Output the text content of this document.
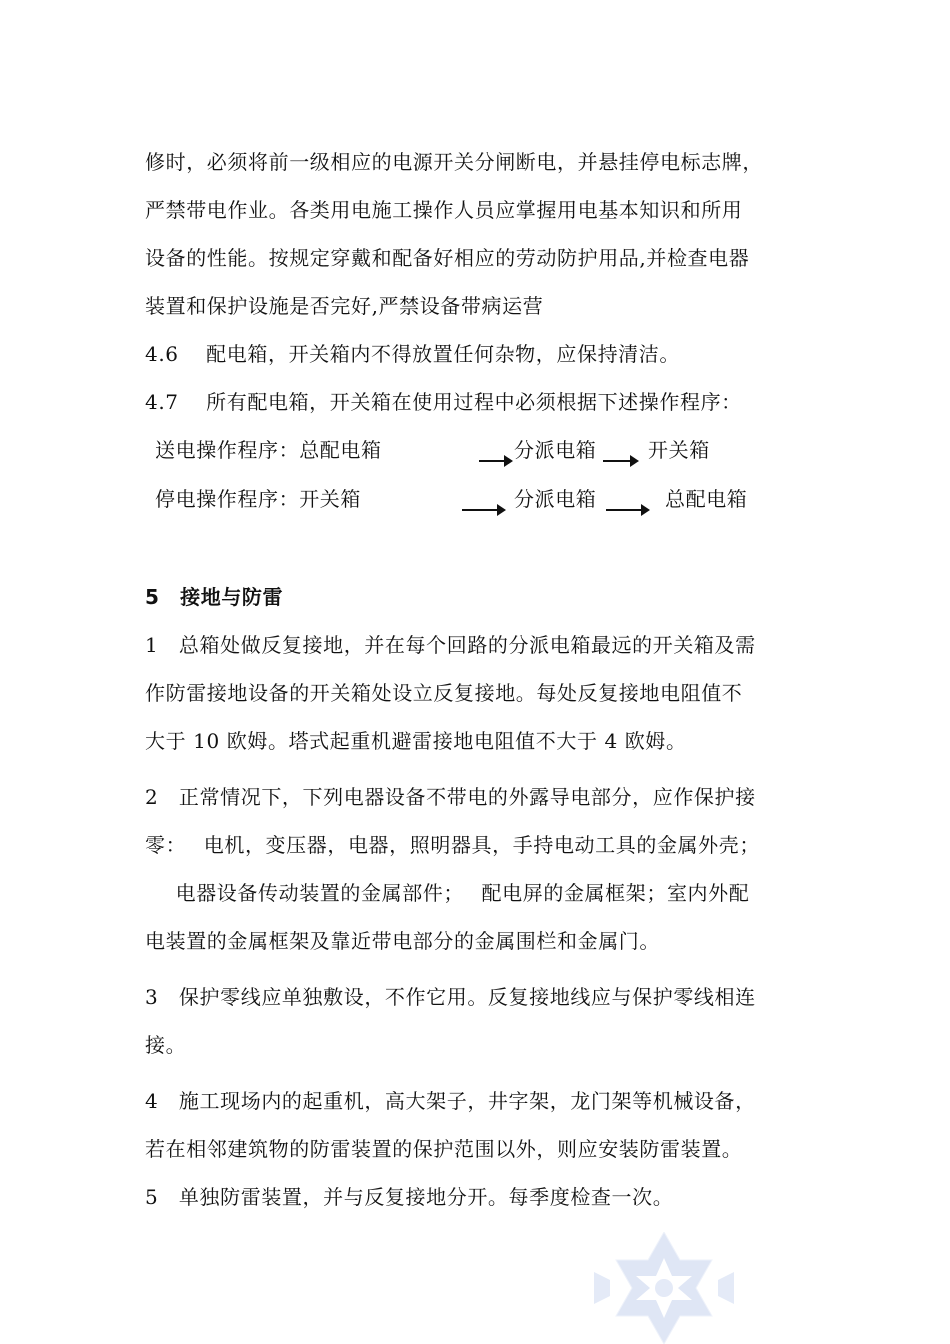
修时，必须将前一级相应的电源开关分闸断电，并悬挂停电标志牌，
严禁带电作业。各类用电施工操作人员应掌握用电基本知识和所用
设备的性能。按规定穿戴和配备好相应的劳动防护用品,并检查电器
装置和保护设施是否完好,严禁设备带病运营
4.6　 配电箱，开关箱内不得放置任何杂物，应保持清洁。
4.7　 所有配电箱，开关箱在使用过程中必须根据下述操作程序：
送电操作程序：总配电箱	分派电箱	开关箱
停电操作程序：开关箱	分派电箱	总配电箱
5　接地与防雷
1　总箱处做反复接地，并在每个回路的分派电箱最远的开关箱及需
作防雷接地设备的开关箱处设立反复接地。每处反复接地电阻值不
大于 10 欧姆。塔式起重机避雷接地电阻值不大于 4 欧姆。
2　正常情况下，下列电器设备不带电的外露导电部分，应作保护接
零：　 电机，变压器，电器，照明器具，手持电动工具的金属外壳；
　电器设备传动装置的金属部件；　 配电屏的金属框架；室内外配
电装置的金属框架及靠近带电部分的金属围栏和金属门。
3　保护零线应单独敷设，不作它用。反复接地线应与保护零线相连
接。
4　施工现场内的起重机，高大架子，井字架，龙门架等机械设备，
若在相邻建筑物的防雷装置的保护范围以外，则应安装防雷装置。
5　单独防雷装置，并与反复接地分开。每季度检查一次。
